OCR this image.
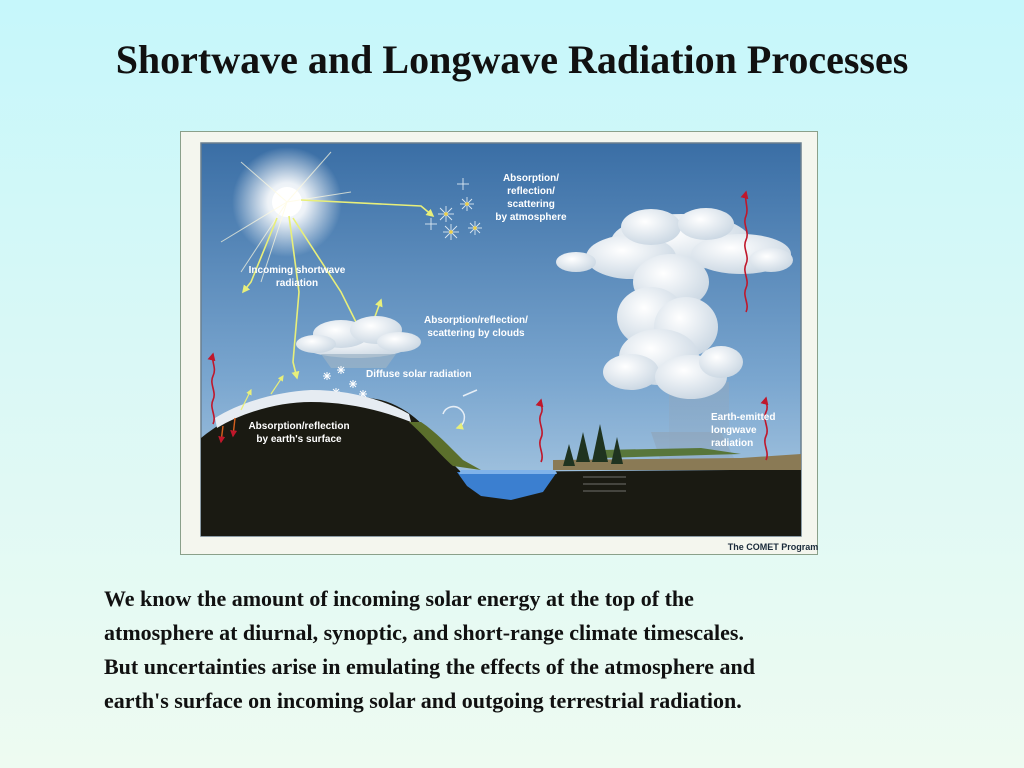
Shortwave and Longwave Radiation Processes
Absorption/
reflection/
scattering
by atmosphere
Incoming shortwave
radiation
Absorption/reflection/
scattering by clouds
Diffuse solar radiation
Absorption/reflection
by earth's surface
Earth-emitted
longwave
radiation
The COMET Program

We know the amount of incoming solar energy at the top of the
atmosphere at diurnal, synoptic, and short-range climate timescales.
But uncertainties arise in emulating the effects of the atmosphere and
earth's surface on incoming solar and outgoing terrestrial radiation.
